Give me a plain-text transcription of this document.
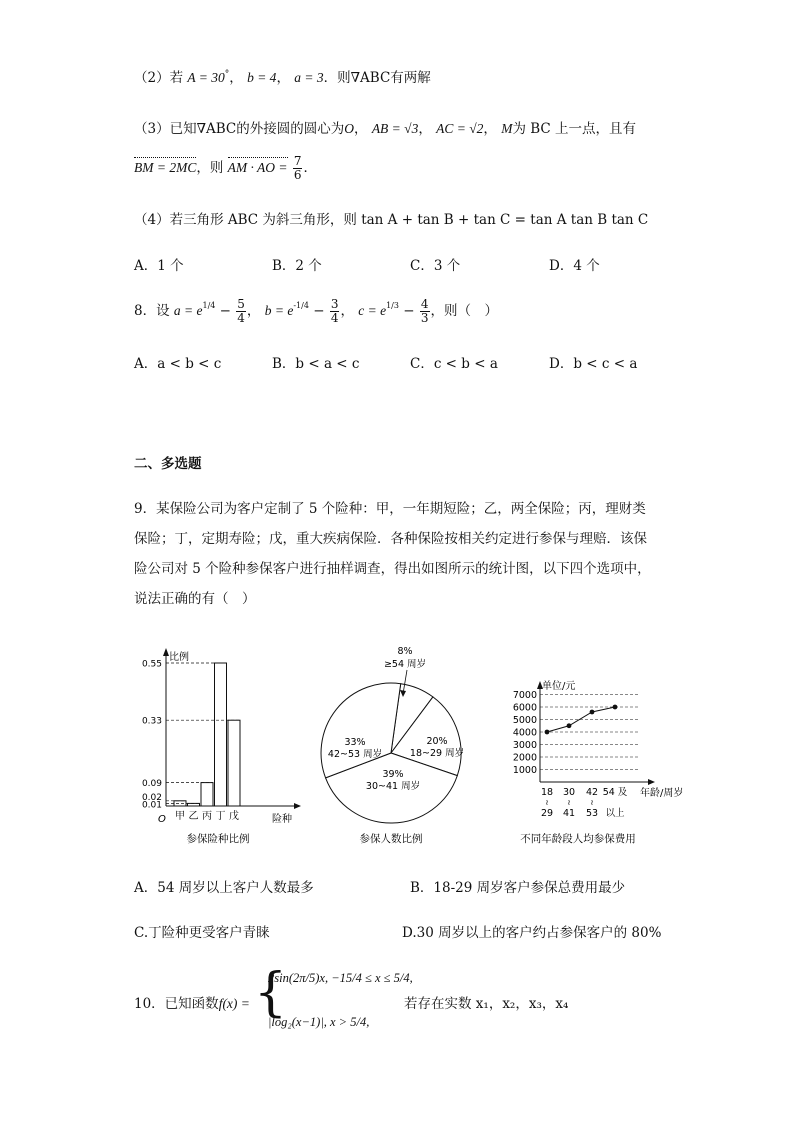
（2）若 A = 30°， b = 4， a = 3．则∇ABC有两解
（3）已知∇ABC的外接圆的圆心为O， AB = √3， AC = √2， M为 BC 上一点，且有
BM = 2MC，则 AM · AO = $\frac{7}{6}$ ．
（4）若三角形 ABC 为斜三角形，则 tan A + tan B + tan C = tan A tan B tan C
A．1 个	B．2 个	C．3 个	D．4 个
8．设 $a = e^{1/4} - \frac{5}{4}$ ， $b = e^{-1/4} - \frac{3}{4}$ ， $c = e^{1/3} - \frac{4}{3}$ ，则（　）
A．a < b < c	B．b < a < c	C．c < b < a	D．b < c < a
二、多选题
9．某保险公司为客户定制了 5 个险种：甲，一年期短险；乙，两全保险；丙，理财类
保险；丁，定期寿险；戊，重大疾病保险．各种保险按相关约定进行参保与理赔．该保
险公司对 5 个险种参保客户进行抽样调查，得出如图所示的统计图，以下四个选项中，
说法正确的有（　）
比例
险种
O 甲 乙 丙 丁 戊
0.55
0.33
0.09
0.02
0.01
参保险种比例
20%
18~29 周岁
39%
30~41 周岁
33%
42~53 周岁
8%
≥54 周岁
参保人数比例
单位/元
年龄/周岁
1000
2000
3000
4000
5000
6000
7000
18
≀
29
30
≀
41
42
≀
53
54 及
以上
不同年龄段人均参保费用
A．54 周岁以上客户人数最多	B．18-29 周岁客户参保总费用最少
C.丁险种更受客户青睐	D.30 周岁以上的客户约占参保客户的 80%
10．已知函数f(x) = {
2sin(2π/5)x, −15/4 ≤ x ≤ 5/4,
|log₂(x−1)|, x > 5/4,
若存在实数 x₁，x₂，x₃，x₄
